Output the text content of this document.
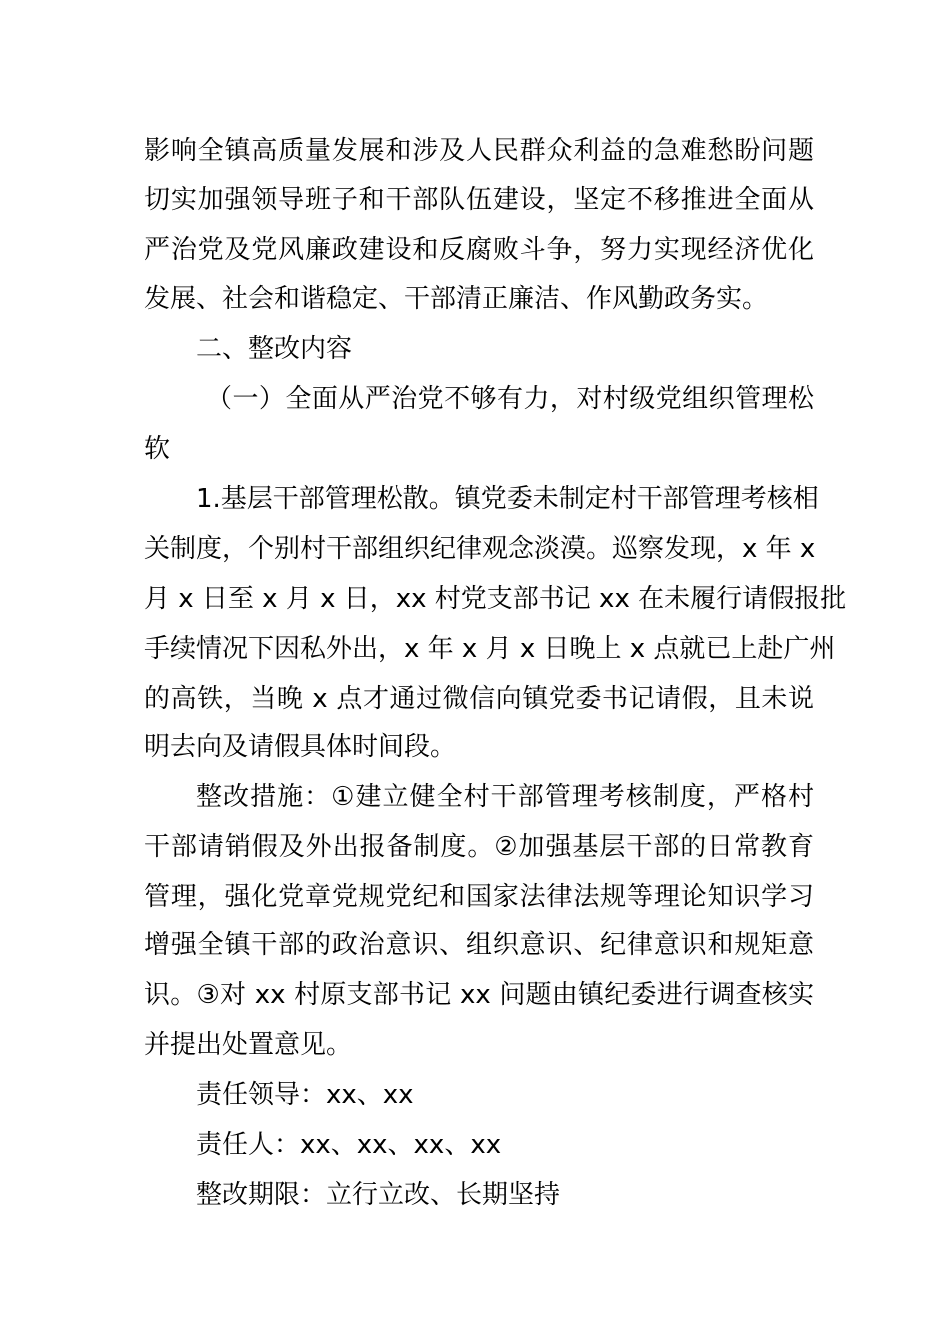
影响全镇高质量发展和涉及人民群众利益的急难愁盼问题
切实加强领导班子和干部队伍建设，坚定不移推进全面从
严治党及党风廉政建设和反腐败斗争，努力实现经济优化
发展、社会和谐稳定、干部清正廉洁、作风勤政务实。
二、整改内容
（一）全面从严治党不够有力，对村级党组织管理松
软
1.基层干部管理松散。镇党委未制定村干部管理考核相
关制度，个别村干部组织纪律观念淡漠。巡察发现，x 年 x
月 x 日至 x 月 x 日，xx 村党支部书记 xx 在未履行请假报批
手续情况下因私外出，x 年 x 月 x 日晚上 x 点就已上赴广州
的高铁，当晚 x 点才通过微信向镇党委书记请假，且未说
明去向及请假具体时间段。
整改措施：①建立健全村干部管理考核制度，严格村
干部请销假及外出报备制度。②加强基层干部的日常教育
管理，强化党章党规党纪和国家法律法规等理论知识学习
增强全镇干部的政治意识、组织意识、纪律意识和规矩意
识。③对 xx 村原支部书记 xx 问题由镇纪委进行调查核实
并提出处置意见。
责任领导：xx、xx
责任人：xx、xx、xx、xx
整改期限：立行立改、长期坚持
